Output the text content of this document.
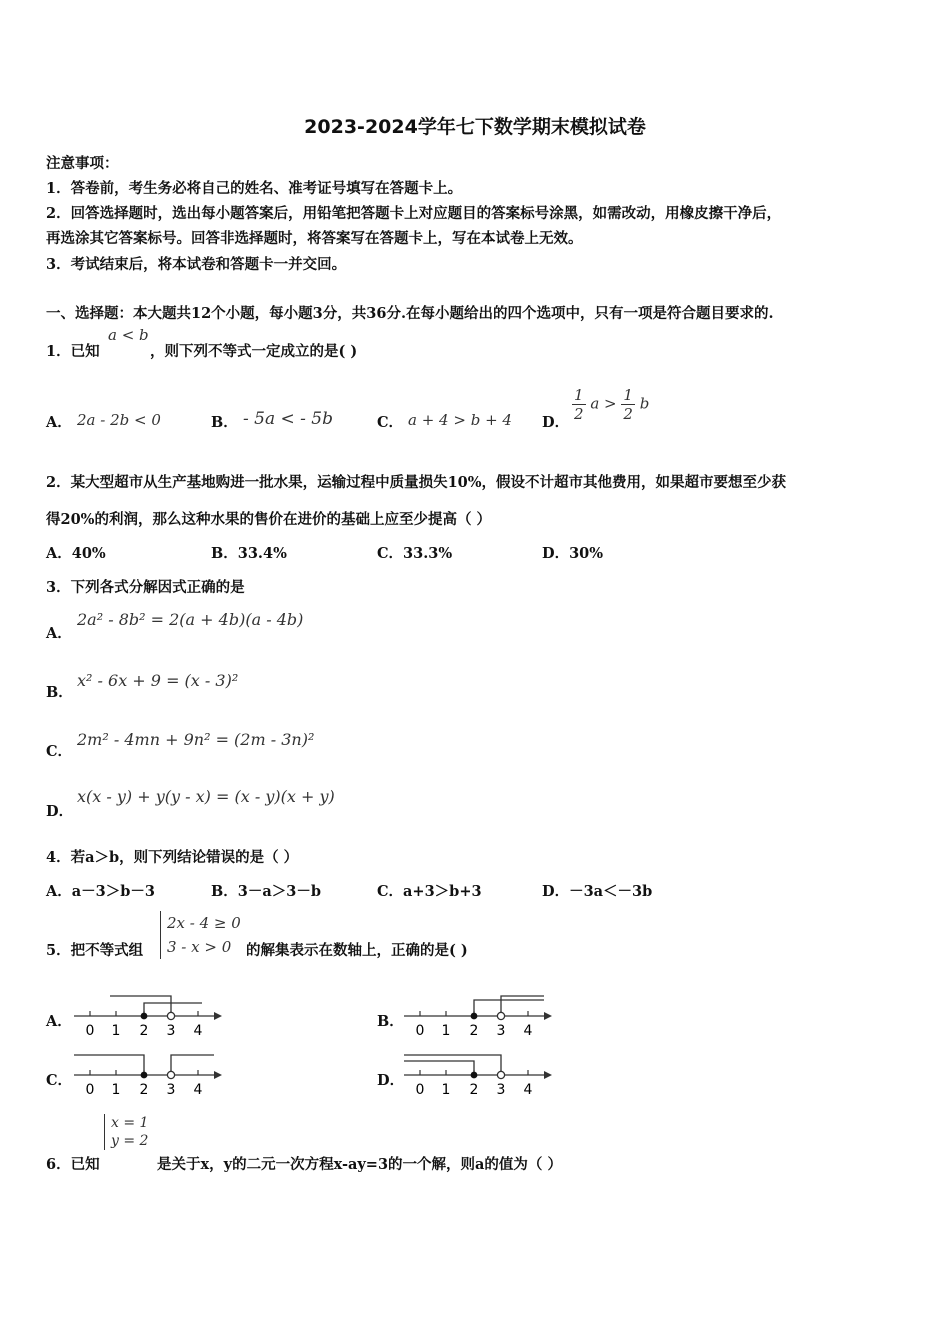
2023-2024学年七下数学期末模拟试卷
注意事项：
1．答卷前，考生务必将自己的姓名、准考证号填写在答题卡上。
2．回答选择题时，选出每小题答案后，用铅笔把答题卡上对应题目的答案标号涂黑，如需改动，用橡皮擦干净后，
再选涂其它答案标号。回答非选择题时，将答案写在答题卡上，写在本试卷上无效。
3．考试结束后，将本试卷和答题卡一并交回。
一、选择题：本大题共12个小题，每小题3分，共36分.在每小题给出的四个选项中，只有一项是符合题目要求的.
1．已知
a < b
，则下列不等式一定成立的是( )
A． 2a - 2b < 0	B． - 5a < - 5b	C． a + 4 > b + 4 D． $\frac{1}{2}$ $a > \frac{1}{2}$ b
2．某大型超市从生产基地购进一批水果，运输过程中质量损失10%，假设不计超市其他费用，如果超市要想至少获
得20%的利润，那么这种水果的售价在进价的基础上应至少提高（ ）
A．40%	B．33.4%	C．33.3%	D．30%
3．下列各式分解因式正确的是
A．
2a² - 8b² = 2(a + 4b)(a - 4b)
B．
x² - 6x + 9 = (x - 3)²
C．
2m² - 4mn + 9n² = (2m - 3n)²
D．
x(x - y) + y(y - x) = (x - y)(x + y)
4．若a＞b，则下列结论错误的是（ ）
A．a－3＞b－3	B．3－a＞3－b	C．a+3＞b+3	D．－3a＜－3b
5．把不等式组
2x - 4 ≥ 0
3 - x > 0	的解集表示在数轴上，正确的是( )
A．
0 1 2 3 4
B．
0 1 2 3 4
C．
0 1 2 3 4
D．
0 1 2 3 4
x = 1
y = 2
6．已知	是关于x，y的二元一次方程x-ay=3的一个解，则a的值为（ ）
